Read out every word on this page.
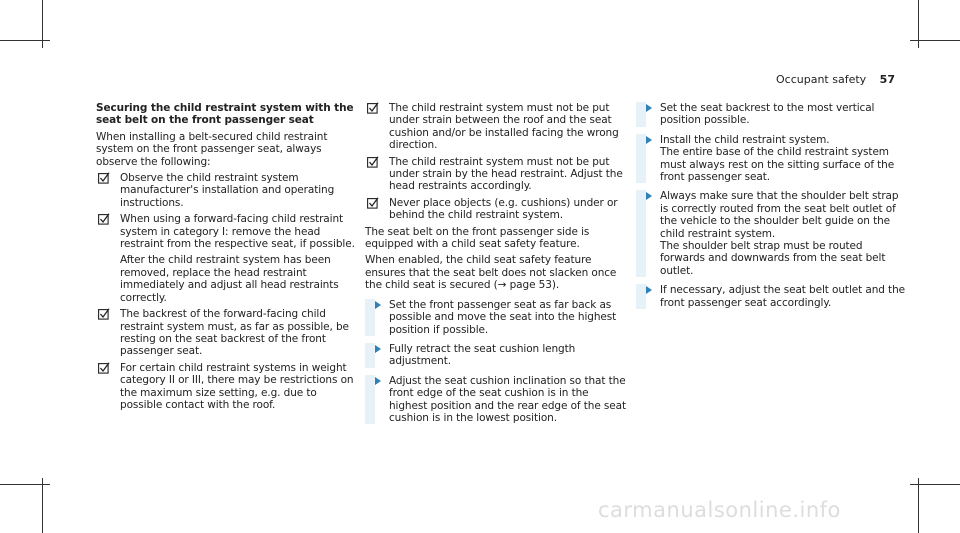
Occupant safety 57

Securing the child restraint system with the seat belt on the front passenger seat

When installing a belt-secured child restraint system on the front passenger seat, always observe the following:

Observe the child restraint system manufacturer's installation and operating instructions.

When using a forward-facing child restraint system in category I: remove the head restraint from the respective seat, if possible.

After the child restraint system has been removed, replace the head restraint immediately and adjust all head restraints correctly.

The backrest of the forward-facing child restraint system must, as far as possible, be resting on the seat backrest of the front passenger seat.

For certain child restraint systems in weight category II or III, there may be restrictions on the maximum size setting, e.g. due to possible contact with the roof.

The child restraint system must not be put under strain between the roof and the seat cushion and/or be installed facing the wrong direction.

The child restraint system must not be put under strain by the head restraint. Adjust the head restraints accordingly.

Never place objects (e.g. cushions) under or behind the child restraint system.

The seat belt on the front passenger side is equipped with a child seat safety feature.

When enabled, the child seat safety feature ensures that the seat belt does not slacken once the child seat is secured (→ page 53).

Set the front passenger seat as far back as possible and move the seat into the highest position if possible.

Fully retract the seat cushion length adjustment.

Adjust the seat cushion inclination so that the front edge of the seat cushion is in the highest position and the rear edge of the seat cushion is in the lowest position.

Set the seat backrest to the most vertical position possible.

Install the child restraint system.

The entire base of the child restraint system must always rest on the sitting surface of the front passenger seat.

Always make sure that the shoulder belt strap is correctly routed from the seat belt outlet of the vehicle to the shoulder belt guide on the child restraint system.

The shoulder belt strap must be routed forwards and downwards from the seat belt outlet.

If necessary, adjust the seat belt outlet and the front passenger seat accordingly.

carmanualsonline.info
